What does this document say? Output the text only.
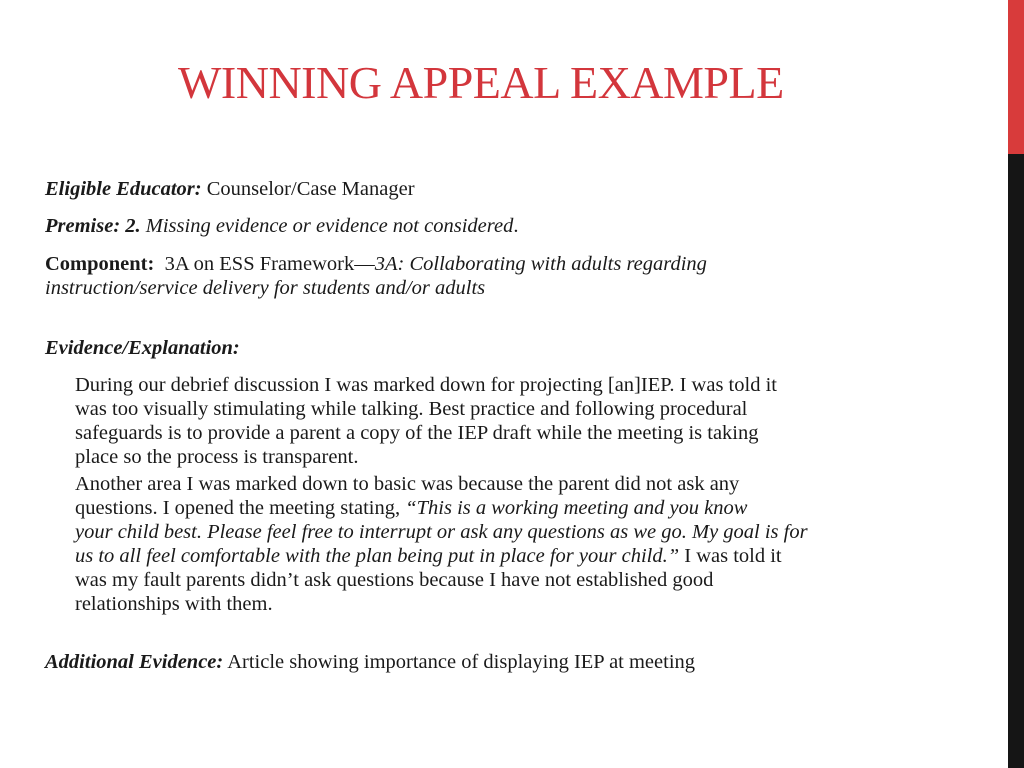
WINNING APPEAL EXAMPLE
Eligible Educator: Counselor/Case Manager
Premise: 2. Missing evidence or evidence not considered.
Component: 3A on ESS Framework—3A: Collaborating with adults regarding
instruction/service delivery for students and/or adults
Evidence/Explanation:
During our debrief discussion I was marked down for projecting [an]IEP. I was told it
was too visually stimulating while talking. Best practice and following procedural
safeguards is to provide a parent a copy of the IEP draft while the meeting is taking
place so the process is transparent.
Another area I was marked down to basic was because the parent did not ask any
questions. I opened the meeting stating, “This is a working meeting and you know
your child best. Please feel free to interrupt or ask any questions as we go. My goal is for
us to all feel comfortable with the plan being put in place for your child.” I was told it
was my fault parents didn’t ask questions because I have not established good
relationships with them.
Additional Evidence: Article showing importance of displaying IEP at meeting
